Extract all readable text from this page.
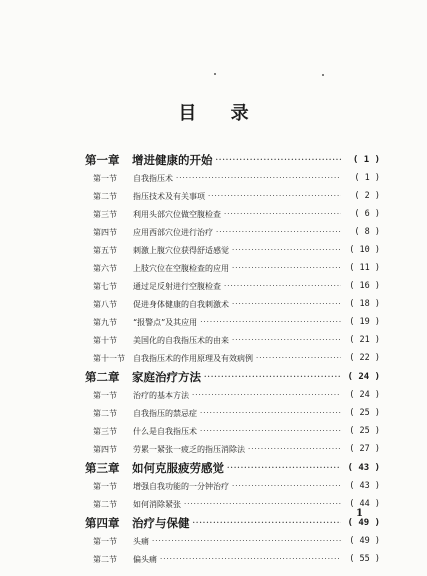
目 录
第一章	增进健康的开始 ·····	( 1 )
第一节	自我指压术 ·····	( 1 )
第二节	指压技术及有关事项 ·····	( 2 )
第三节	利用头部穴位做空腹检查 ·····	( 6 )
第四节	应用西部穴位进行治疗 ·····	( 8 )
第五节	刺激上腹穴位获得舒适感觉 ·····	( 10 )
第六节	上肢穴位在空腹检查的应用 ·····	( 11 )
第七节	通过足反射进行空腹检查 ·····	( 16 )
第八节	促进身体健康的自我刺激术 ·····	( 18 )
第九节	“报警点”及其应用 ·····	( 19 )
第十节	美国化的自我指压术的由来 ·····	( 21 )
第十一节	自我指压术的作用原理及有效病例 ·····	( 22 )
第二章	家庭治疗方法 ·····	( 24 )
第一节	治疗的基本方法 ·····	( 24 )
第二节	自我指压的禁忌症 ·····	( 25 )
第三节	什么是自我指压术 ·····	( 25 )
第四节	劳累一紧张一疲乏的指压消除法 ·····	( 27 )
第三章	如何克服疲劳感觉 ·····	( 43 )
第一节	增强自我功能的一分钟治疗 ·····	( 43 )
第二节	如何消除紧张 ·····	( 44 )
第四章	治疗与保健 ·····	( 49 )
第一节	头痛 ·····	( 49 )
第二节	偏头痛 ·····	( 55 )
1
